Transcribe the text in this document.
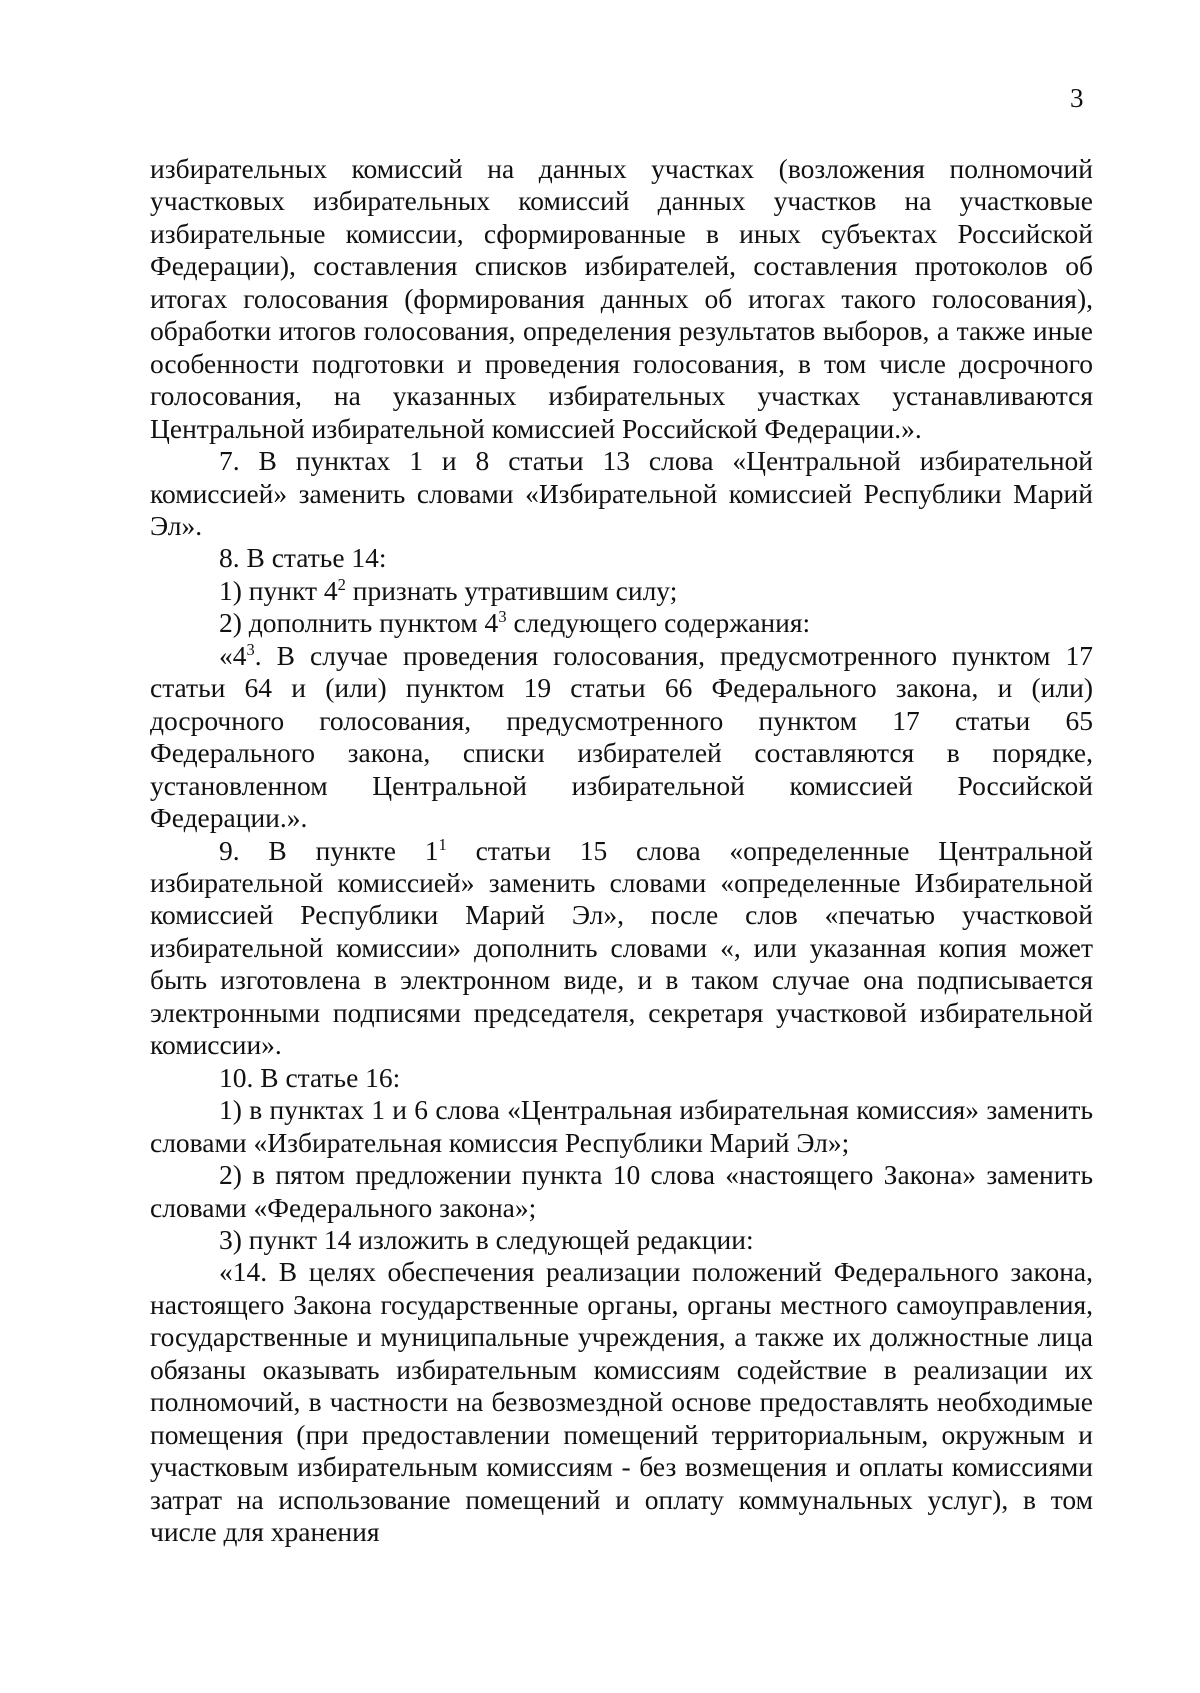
3

избирательных комиссий на данных участках (возложения полномочий участковых избирательных комиссий данных участков на участковые избирательные комиссии, сформированные в иных субъектах Российской Федерации), составления списков избирателей, составления протоколов об итогах голосования (формирования данных об итогах такого голосования), обработки итогов голосования, определения результатов выборов, а также иные особенности подготовки и проведения голосования, в том числе досрочного голосования, на указанных избирательных участках устанавливаются Центральной избирательной комиссией Российской Федерации.».

7. В пунктах 1 и 8 статьи 13 слова «Центральной избирательной комиссией» заменить словами «Избирательной комиссией Республики Марий Эл».

8. В статье 14:

1) пункт $4^2$ признать утратившим силу;

2) дополнить пунктом $4^3$ следующего содержания:

«$4^3$. В случае проведения голосования, предусмотренного пунктом 17 статьи 64 и (или) пунктом 19 статьи 66 Федерального закона, и (или) досрочного голосования, предусмотренного пунктом 17 статьи 65 Федерального закона, списки избирателей составляются в порядке, установленном Центральной избирательной комиссией Российской Федерации.».

9. В пункте $1^1$ статьи 15 слова «определенные Центральной избирательной комиссией» заменить словами «определенные Избирательной комиссией Республики Марий Эл», после слов «печатью участковой избирательной комиссии» дополнить словами «, или указанная копия может быть изготовлена в электронном виде, и в таком случае она подписывается электронными подписями председателя, секретаря участковой избирательной комиссии».

10. В статье 16:

1) в пунктах 1 и 6 слова «Центральная избирательная комиссия» заменить словами «Избирательная комиссия Республики Марий Эл»;

2) в пятом предложении пункта 10 слова «настоящего Закона» заменить словами «Федерального закона»;

3) пункт 14 изложить в следующей редакции:

«14. В целях обеспечения реализации положений Федерального закона, настоящего Закона государственные органы, органы местного самоуправления, государственные и муниципальные учреждения, а также их должностные лица обязаны оказывать избирательным комиссиям содействие в реализации их полномочий, в частности на безвозмездной основе предоставлять необходимые помещения (при предоставлении помещений территориальным, окружным и участковым избирательным комиссиям - без возмещения и оплаты комиссиями затрат на использование помещений и оплату коммунальных услуг), в том числе для хранения
